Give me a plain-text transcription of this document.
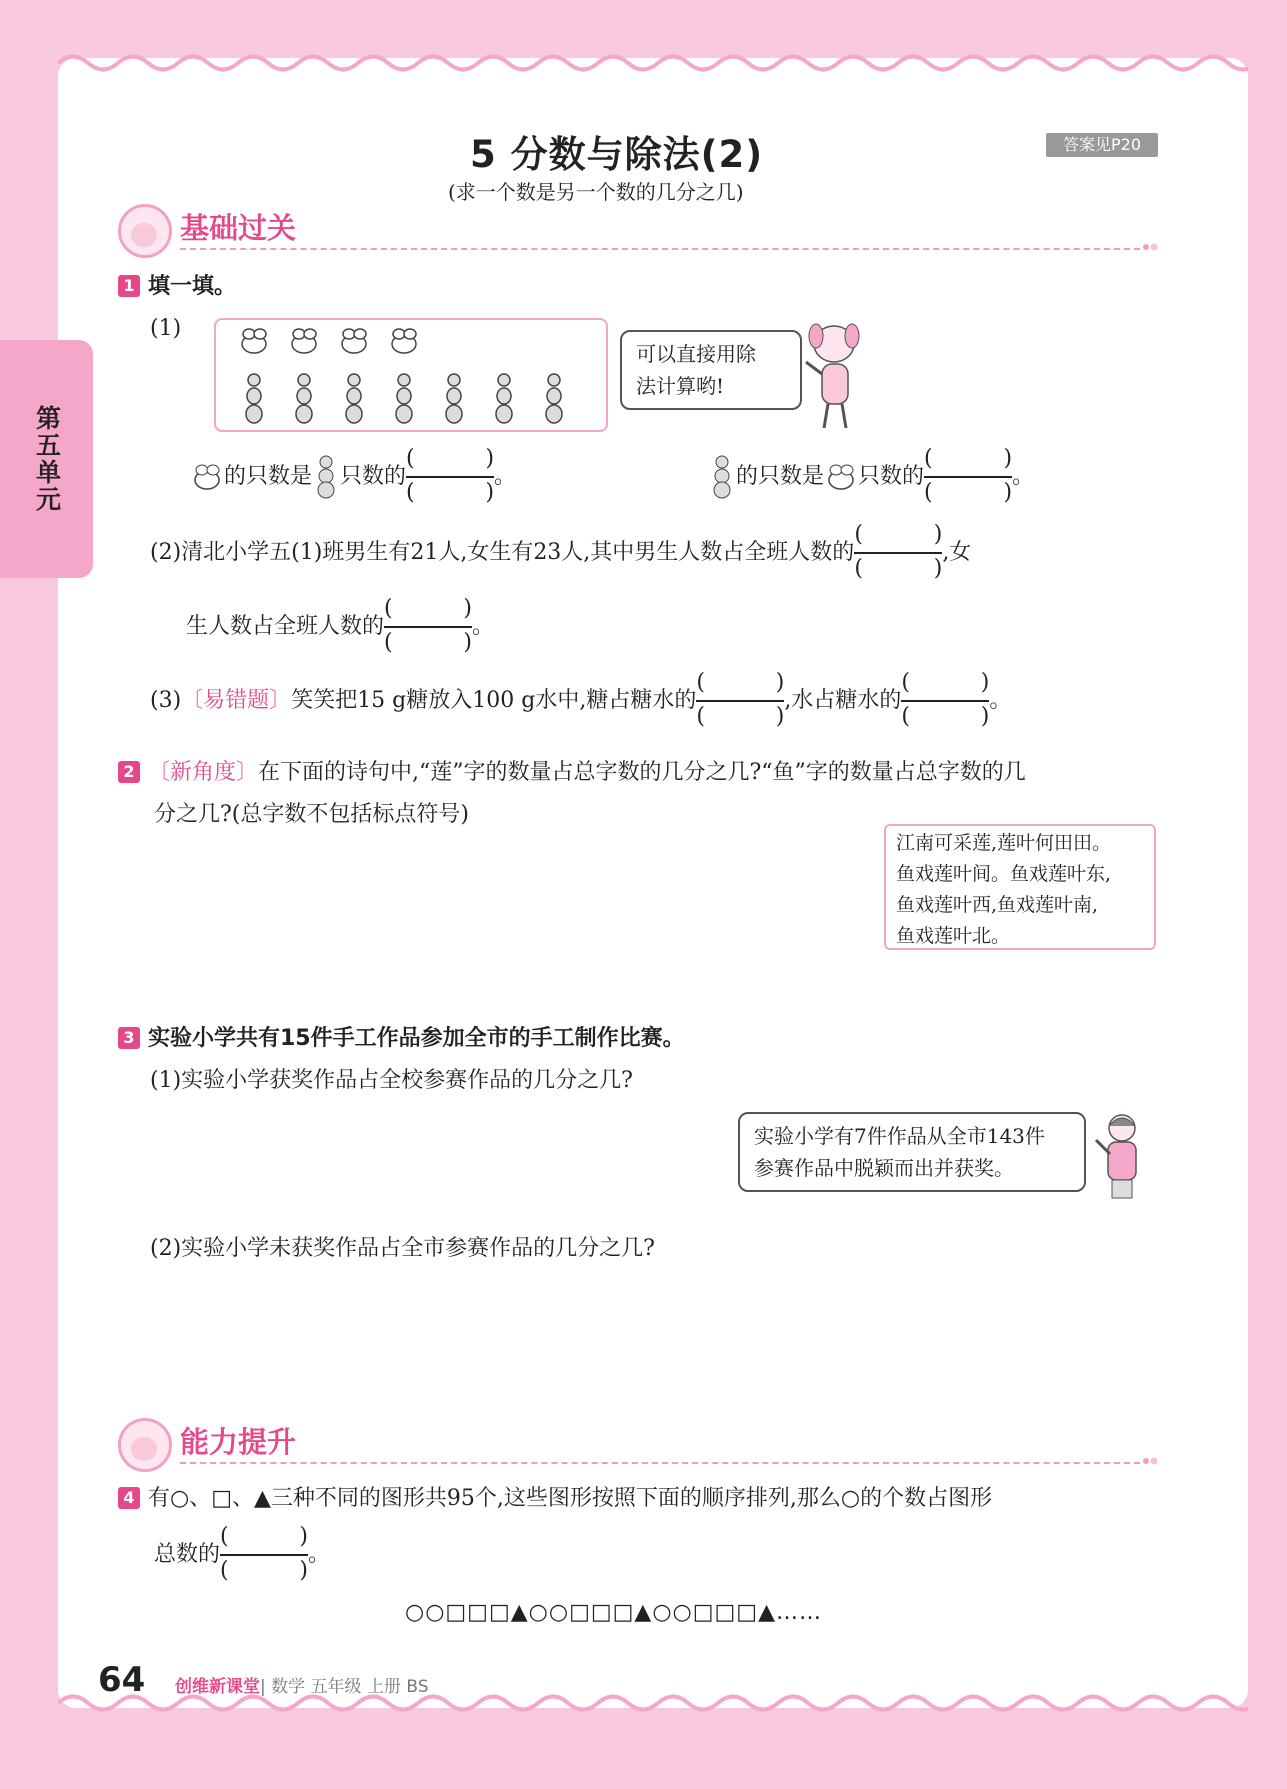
第五单元
5 分数与除法(2)	答案见P20
(求一个数是另一个数的几分之几)
基础过关
1 填一填。
(1)
可以直接用除
法计算哟!
的只数是 只数的 (
)	。	的只数是 只数的 (
)	。
(2)清北小学五(1)班男生有21人,女生有23人,其中男生人数占全班人数的 (
)	,女
生人数占全班人数的 (
)	。
(3)〔易错题〕笑笑把15 g糖放入100 g水中,糖占糖水的 (
)	,水占糖水的 (
)	。
2 〔新角度〕在下面的诗句中,“莲”字的数量占总字数的几分之几?“鱼”字的数量占总字数的几
分之几?(总字数不包括标点符号)
江南可采莲,莲叶何田田。
鱼戏莲叶间。鱼戏莲叶东,
鱼戏莲叶西,鱼戏莲叶南,
鱼戏莲叶北。
3 实验小学共有15件手工作品参加全市的手工制作比赛。
(1)实验小学获奖作品占全校参赛作品的几分之几?
实验小学有7件作品从全市143件
参赛作品中脱颖而出并获奖。
(2)实验小学未获奖作品占全市参赛作品的几分之几?
能力提升
4 有○、□、▲三种不同的图形共95个,这些图形按照下面的顺序排列,那么○的个数占图形
总数的 (
)	。
○○□□□▲○○□□□▲○○□□□▲……
64 创维新课堂| 数学 五年级 上册 BS
